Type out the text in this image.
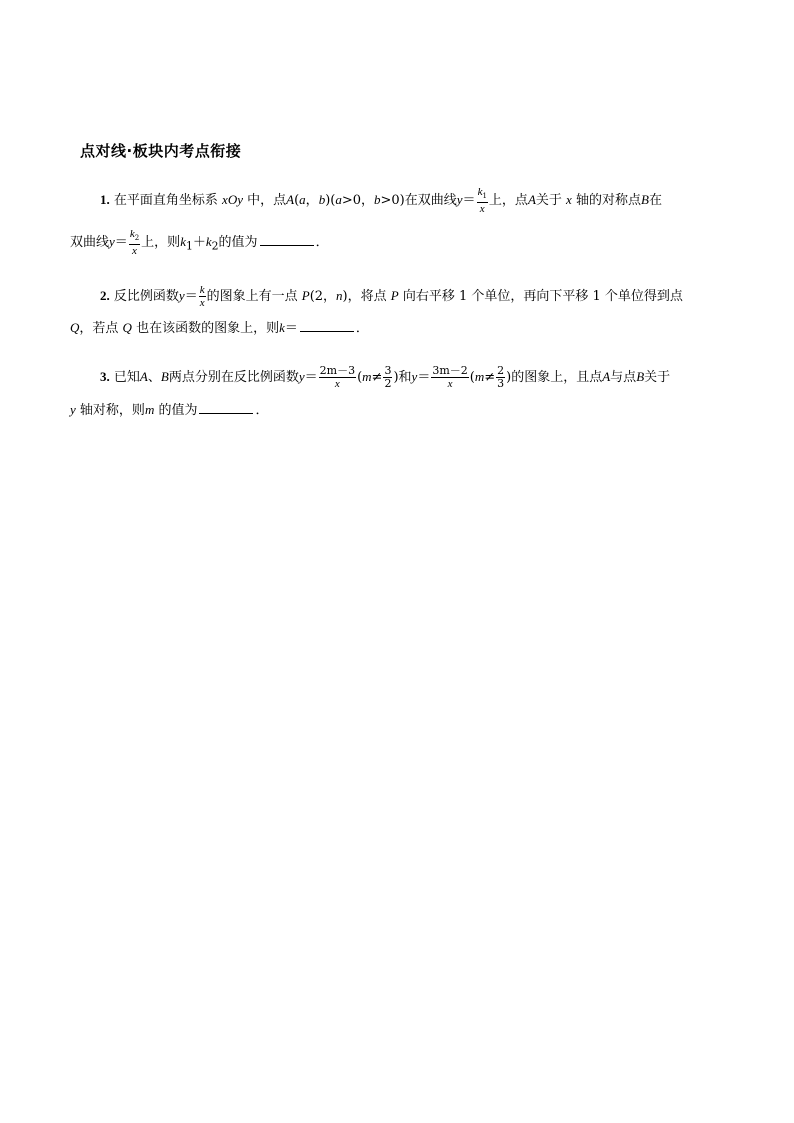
点对线·板块内考点衔接
1. 在平面直角坐标系 xOy 中，点A(a，b)(a>0，b>0)在双曲线$y= \frac{k_1}{x}$ 上，点A关于 x 轴的对称点B在
双曲线$y= \frac{k_2}{x}$ 上，则$k_1+k_2$的值为	．
2. 反比例函数$y= \frac{k}{x}$ 的图象上有一点 P(2，n)，将点 P 向右平移 1 个单位，再向下平移 1 个单位得到点
Q，若点 Q 也在该函数的图象上，则k＝	．
3. 已知A、B两点分别在反比例函数$y= \frac{2m-3}{x} (m\ne \frac{3}{2}$ )和$y= \frac{3m-2}{x} (m\ne \frac{2}{3}$ )的图象上，且点A与点B关于
y 轴对称，则m 的值为	．
